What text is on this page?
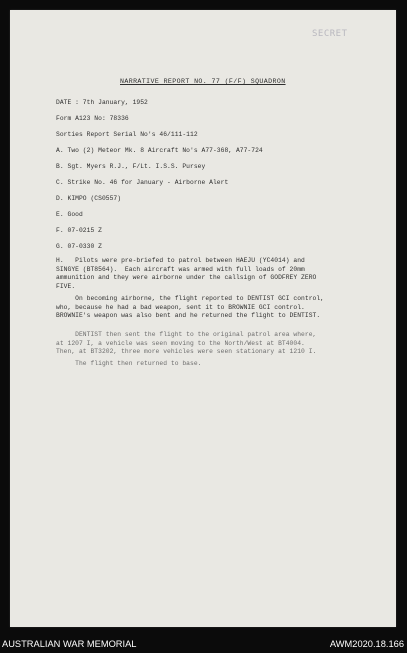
SECRET
NARRATIVE REPORT NO. 77 (F/F) SQUADRON
DATE : 7th January, 1952
Form A123 No: 78336
Sorties Report Serial No's 46/111-112
A. Two (2) Meteor Mk. 8 Aircraft No's A77-368, A77-724
B. Sgt. Myers R.J., F/Lt. I.S.S. Pursey
C. Strike No. 46 for January - Airborne Alert
D. KIMPO (CS0557)
E. Good
F. 07-0215 Z
G. 07-0330 Z
H.   Pilots were pre-briefed to patrol between HAEJU (YC4014) and
SINGYE (BT8564).  Each aircraft was armed with full loads of 20mm
ammunition and they were airborne under the callsign of GODFREY ZERO
FIVE.
On becoming airborne, the flight reported to DENTIST GCI control,
who, because he had a bad weapon, sent it to BROWNIE GCI control.
BROWNIE's weapon was also bent and he returned the flight to DENTIST.
DENTIST then sent the flight to the original patrol area where,
at 1207 I, a vehicle was seen moving to the North/West at BT4004.
Then, at BT3202, three more vehicles were seen stationary at 1210 I.
The flight then returned to base.
AUSTRALIAN WAR MEMORIAL	AWM2020.18.166
